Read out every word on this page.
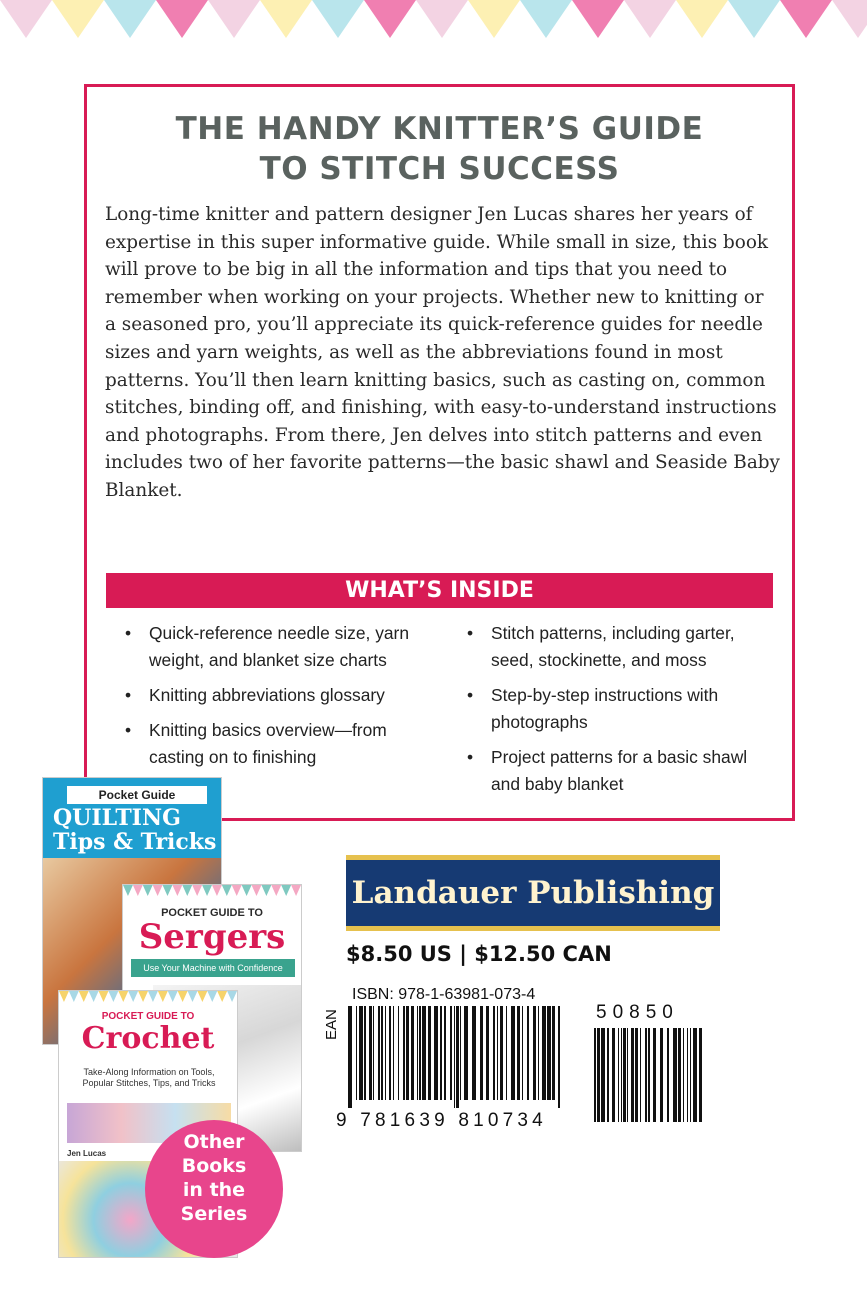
THE HANDY KNITTER’S GUIDE
TO STITCH SUCCESS

Long-time knitter and pattern designer Jen Lucas shares her years of expertise in this super informative guide. While small in size, this book will prove to be big in all the information and tips that you need to remember when working on your projects. Whether new to knitting or a seasoned pro, you’ll appreciate its quick-reference guides for needle sizes and yarn weights, as well as the abbreviations found in most patterns. You’ll then learn knitting basics, such as casting on, common stitches, binding off, and finishing, with easy-to-understand instructions and photographs. From there, Jen delves into stitch patterns and even includes two of her favorite patterns—the basic shawl and Seaside Baby Blanket.

WHAT’S INSIDE
• Quick-reference needle size, yarn weight, and blanket size charts
• Knitting abbreviations glossary
• Knitting basics overview—from casting on to finishing
• Stitch patterns, including garter, seed, stockinette, and moss
• Step-by-step instructions with photographs
• Project patterns for a basic shawl and baby blanket
Pocket Guide
QUILTING Tips & Tricks
POCKET GUIDE TO
Sergers
Use Your Machine with Confidence
POCKET GUIDE TO
Crochet
Take-Along Information on Tools, Popular Stitches, Tips, and Tricks
Jen Lucas
Other
Books
in the
Series
Landauer Publishing
$8.50 US | $12.50 CAN
ISBN: 978-1-63981-073-4
EAN
9 781639 810734
50850
